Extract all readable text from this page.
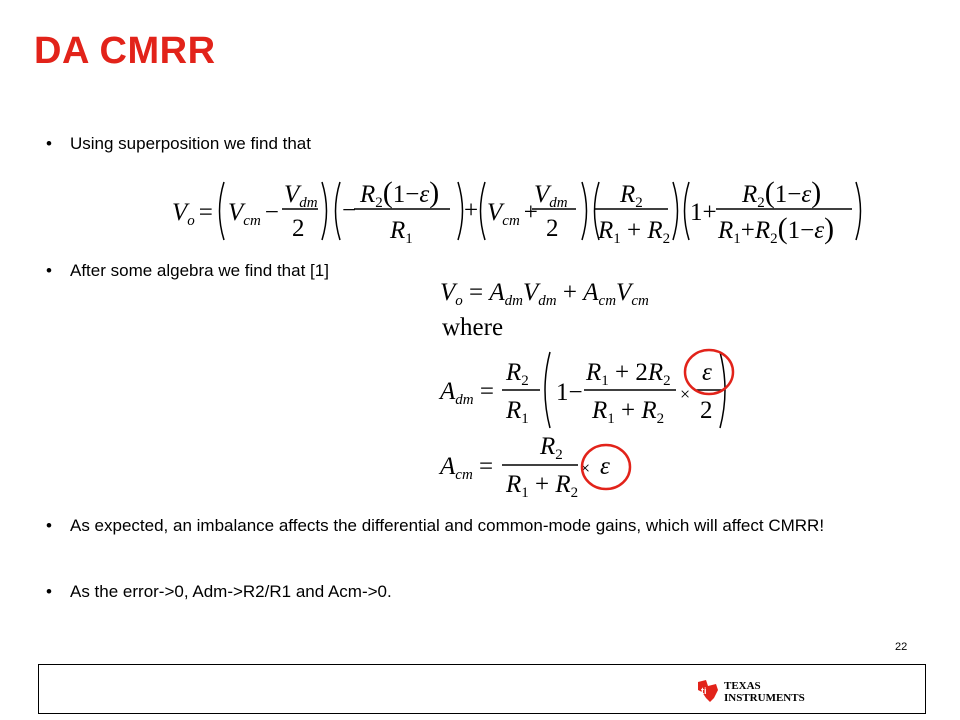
DA CMRR
• Using superposition we find that
$V_o = V_{cm}$ −
$V_{dm}$
2
−
$R_2(1-\varepsilon)$
$R_1$
+ $V_{cm}$ +
$V_{dm}$
2
$R_2$
$R_1 + R_2$
1+
$R_2(1-\varepsilon)$
$R_1+R_2(1-\varepsilon)$
• After some algebra we find that [1]
$V_o = A_{dm}V_{dm} + A_{cm}V_{cm}$
where
$A_{dm}$ =
$R_2$
$R_1$
1−
$R_1 + 2R_2$
$R_1 + R_2$
×
ε
2
$A_{cm}$ =
$R_2$
$R_1 + R_2$
× ε
• As expected, an imbalance affects the differential and common-mode gains, which will affect CMRR!
• As the error->0, Adm->R2/R1 and Acm->0.
22
ti TEXAS
INSTRUMENTS
